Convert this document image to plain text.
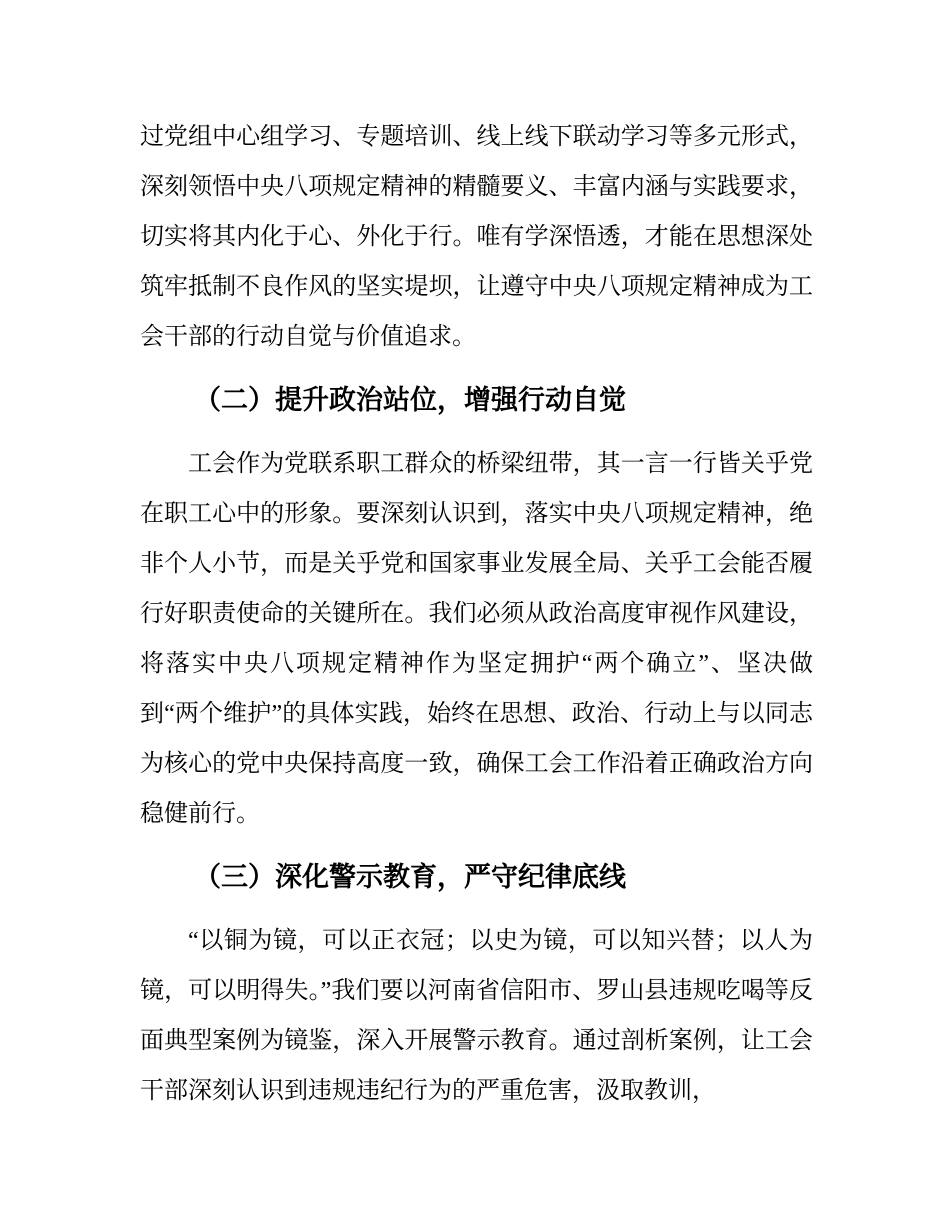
过党组中心组学习、专题培训、线上线下联动学习等多元形式，深刻领悟中央八项规定精神的精髓要义、丰富内涵与实践要求，切实将其内化于心、外化于行。唯有学深悟透，才能在思想深处筑牢抵制不良作风的坚实堤坝，让遵守中央八项规定精神成为工会干部的行动自觉与价值追求。

（二）提升政治站位，增强行动自觉

工会作为党联系职工群众的桥梁纽带，其一言一行皆关乎党在职工心中的形象。要深刻认识到，落实中央八项规定精神，绝非个人小节，而是关乎党和国家事业发展全局、关乎工会能否履行好职责使命的关键所在。我们必须从政治高度审视作风建设，将落实中央八项规定精神作为坚定拥护“两个确立”、坚决做到“两个维护”的具体实践，始终在思想、政治、行动上与以同志为核心的党中央保持高度一致，确保工会工作沿着正确政治方向稳健前行。

（三）深化警示教育，严守纪律底线

“以铜为镜，可以正衣冠；以史为镜，可以知兴替；以人为镜，可以明得失。”我们要以河南省信阳市、罗山县违规吃喝等反面典型案例为镜鉴，深入开展警示教育。通过剖析案例，让工会干部深刻认识到违规违纪行为的严重危害，汲取教训，
